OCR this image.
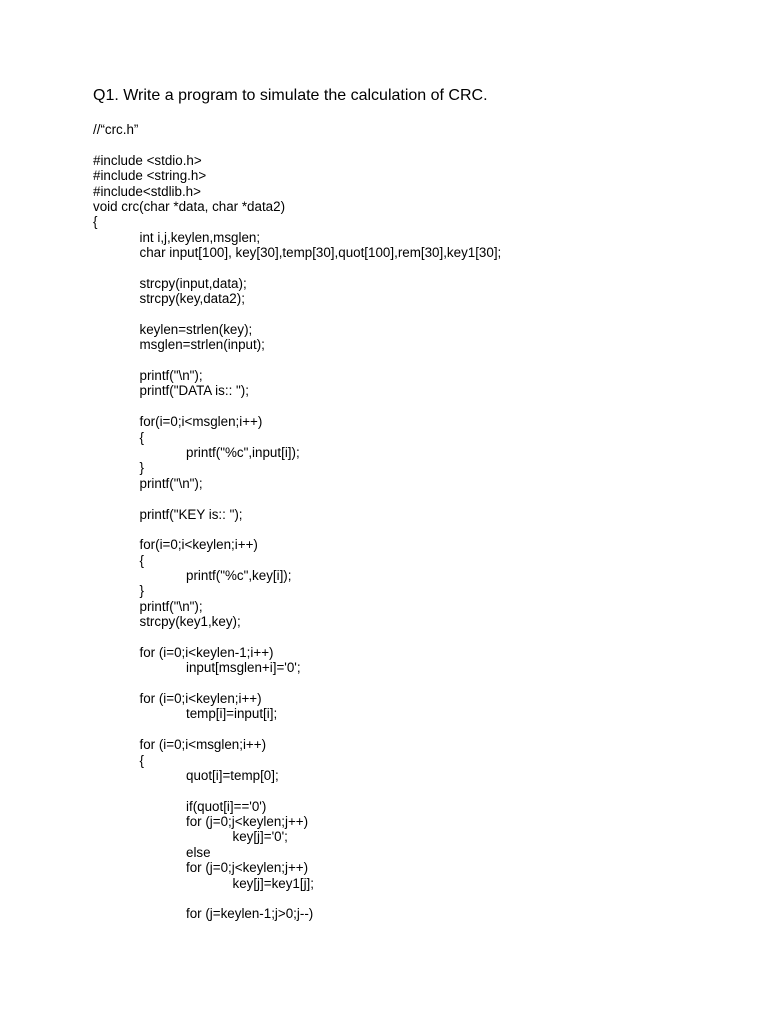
Q1. Write a program to simulate the calculation of CRC.
//“crc.h”
#include <stdio.h>
#include <string.h>
#include<stdlib.h>
void crc(char *data, char *data2)
{
int i,j,keylen,msglen;
char input[100], key[30],temp[30],quot[100],rem[30],key1[30];
strcpy(input,data);
strcpy(key,data2);
keylen=strlen(key);
msglen=strlen(input);
printf("\n");
printf("DATA is:: ");
for(i=0;i<msglen;i++)
{
printf("%c",input[i]);
}
printf("\n");
printf("KEY is:: ");
for(i=0;i<keylen;i++)
{
printf("%c",key[i]);
}
printf("\n");
strcpy(key1,key);
for (i=0;i<keylen-1;i++)
input[msglen+i]='0';
for (i=0;i<keylen;i++)
temp[i]=input[i];
for (i=0;i<msglen;i++)
{
quot[i]=temp[0];
if(quot[i]=='0')
for (j=0;j<keylen;j++)
key[j]='0';
else
for (j=0;j<keylen;j++)
key[j]=key1[j];
for (j=keylen-1;j>0;j--)
